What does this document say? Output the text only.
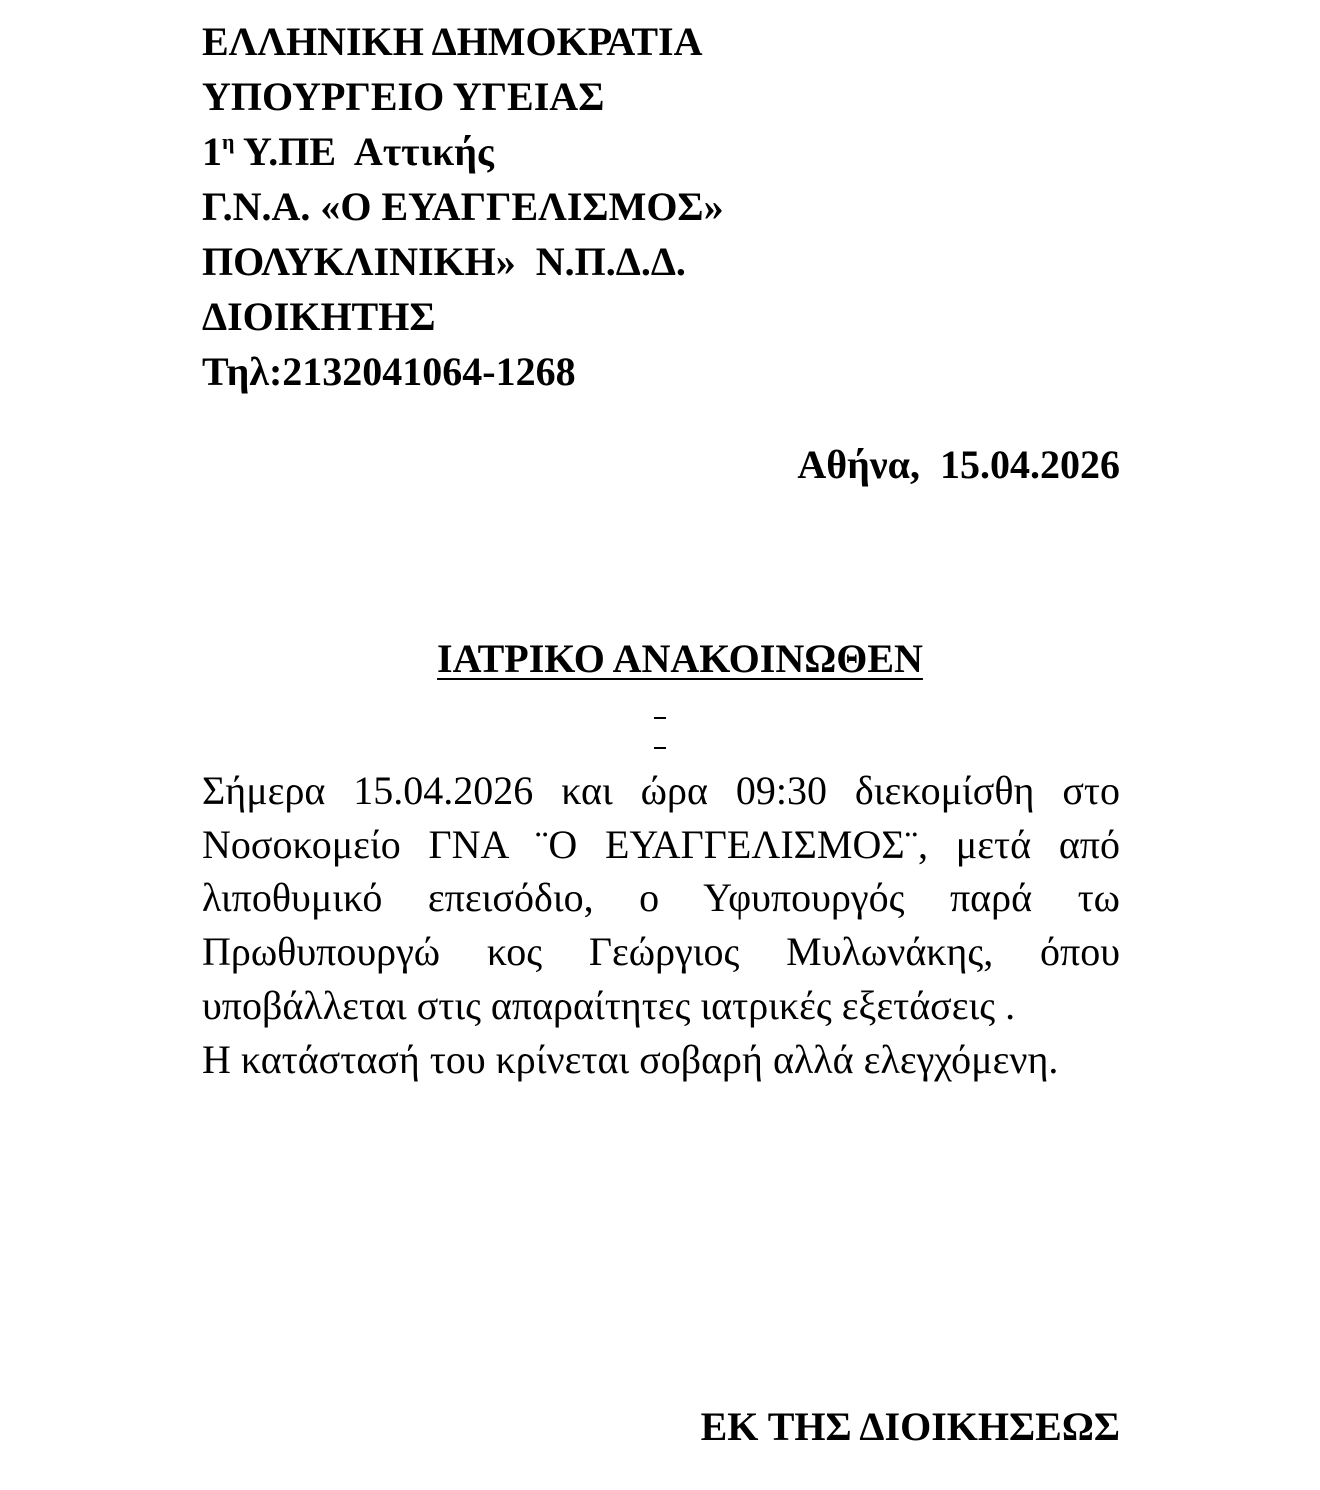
ΕΛΛΗΝΙΚΗ ΔΗΜΟΚΡΑΤΙΑ
ΥΠΟΥΡΓΕΙΟ ΥΓΕΙΑΣ
$1^\eta$ Υ.ΠΕ  Αττικής
Γ.Ν.Α. «Ο ΕΥΑΓΓΕΛΙΣΜΟΣ»
ΠΟΛΥΚΛΙΝΙΚΗ»  Ν.Π.Δ.Δ.
ΔΙΟΙΚΗΤΗΣ
Τηλ:2132041064-1268
Αθήνα,  15.04.2026
ΙΑΤΡΙΚΟ ΑΝΑΚΟΙΝΩΘΕΝ

Σήμερα 15.04.2026 και ώρα 09:30 διεκομίσθη στο Νοσοκομείο ΓΝΑ ¨Ο ΕΥΑΓΓΕΛΙΣΜΟΣ¨, μετά από λιποθυμικό επεισόδιο, ο Υφυπουργός παρά τω Πρωθυπουργώ κος Γεώργιος Μυλωνάκης, όπου υποβάλλεται στις απαραίτητες ιατρικές εξετάσεις .

Η κατάστασή του κρίνεται σοβαρή αλλά ελεγχόμενη.

ΕΚ ΤΗΣ ΔΙΟΙΚΗΣΕΩΣ
